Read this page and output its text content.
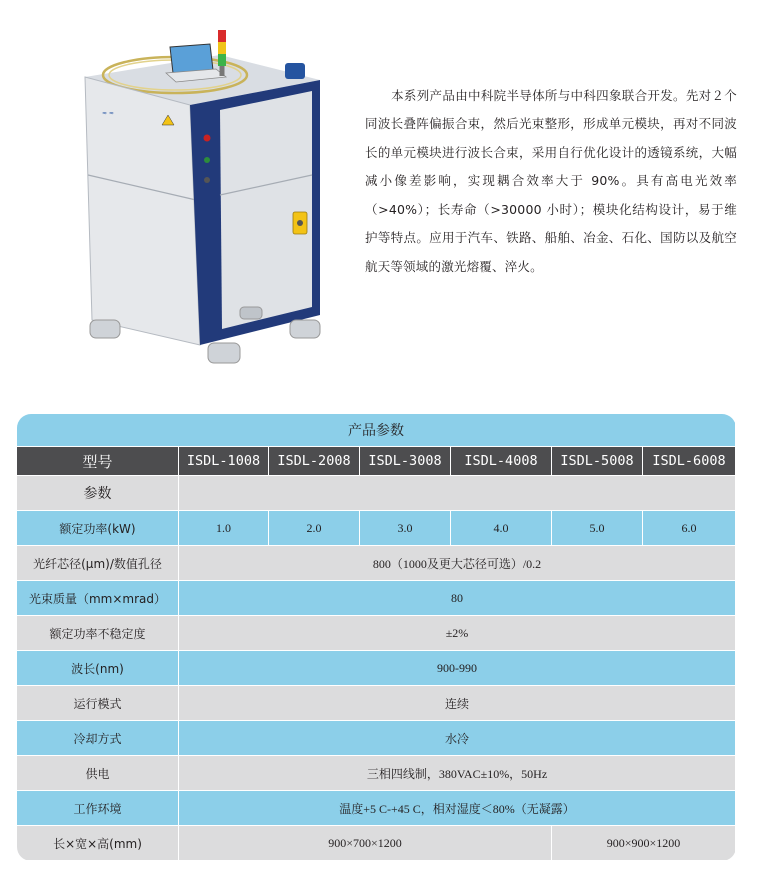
≈ ≈

本系列产品由中科院半导体所与中科四象联合开发。先对２个同波长叠阵偏振合束，然后光束整形，形成单元模块，再对不同波长的单元模块进行波长合束，采用自行优化设计的透镜系统，大幅减小像差影响，实现耦合效率大于 90%。具有高电光效率（>40%）；长寿命（>30000 小时）；模块化结构设计，易于维护等特点。应用于汽车、铁路、船舶、冶金、石化、国防以及航空航天等领域的激光熔覆、淬火。

产品参数						
型号	ISDL-1008	ISDL-2008	ISDL-3008	ISDL-4008	ISDL-5008	ISDL-6008
参数						
额定功率(kW)	1.0	2.0	3.0	4.0	5.0	6.0
光纤芯径(μm)/数值孔径	800（1000及更大芯径可选）/0.2					
光束质量（mm×mrad）	80					
额定功率不稳定度	±2%					
波长(nm)	900-990					
运行模式	连续					
冷却方式	水冷					
供电	三相四线制，380VAC±10%，50Hz					
工作环境	温度+5 C-+45 C，相对湿度＜80%（无凝露）					
长×宽×高(mm)	900×700×1200				900×900×1200	
